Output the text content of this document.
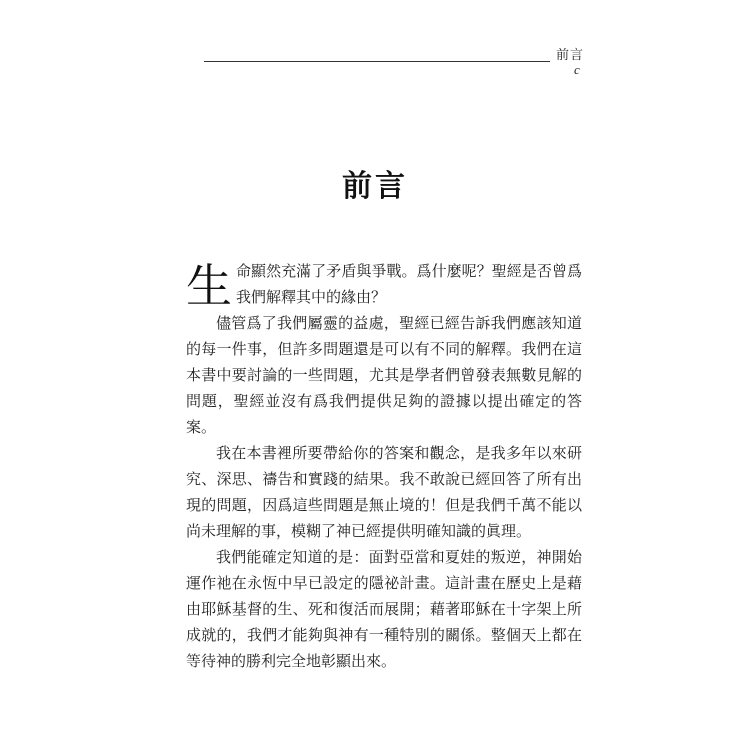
前言
c
前言

生命顯然充滿了矛盾與爭戰。爲什麼呢？聖經是否曾爲我們解釋其中的緣由？

儘管爲了我們屬靈的益處，聖經已經告訴我們應該知道的每一件事，但許多問題還是可以有不同的解釋。我們在這本書中要討論的一些問題，尤其是學者們曾發表無數見解的問題，聖經並沒有爲我們提供足夠的證據以提出確定的答案。

我在本書裡所要帶給你的答案和觀念，是我多年以來研究、深思、禱告和實踐的結果。我不敢說已經回答了所有出現的問題，因爲這些問題是無止境的！但是我們千萬不能以尚未理解的事，模糊了神已經提供明確知識的眞理。

我們能確定知道的是：面對亞當和夏娃的叛逆，神開始運作祂在永恆中早已設定的隱祕計畫。這計畫在歷史上是藉由耶穌基督的生、死和復活而展開；藉著耶穌在十字架上所成就的，我們才能夠與神有一種特別的關係。整個天上都在等待神的勝利完全地彰顯出來。
